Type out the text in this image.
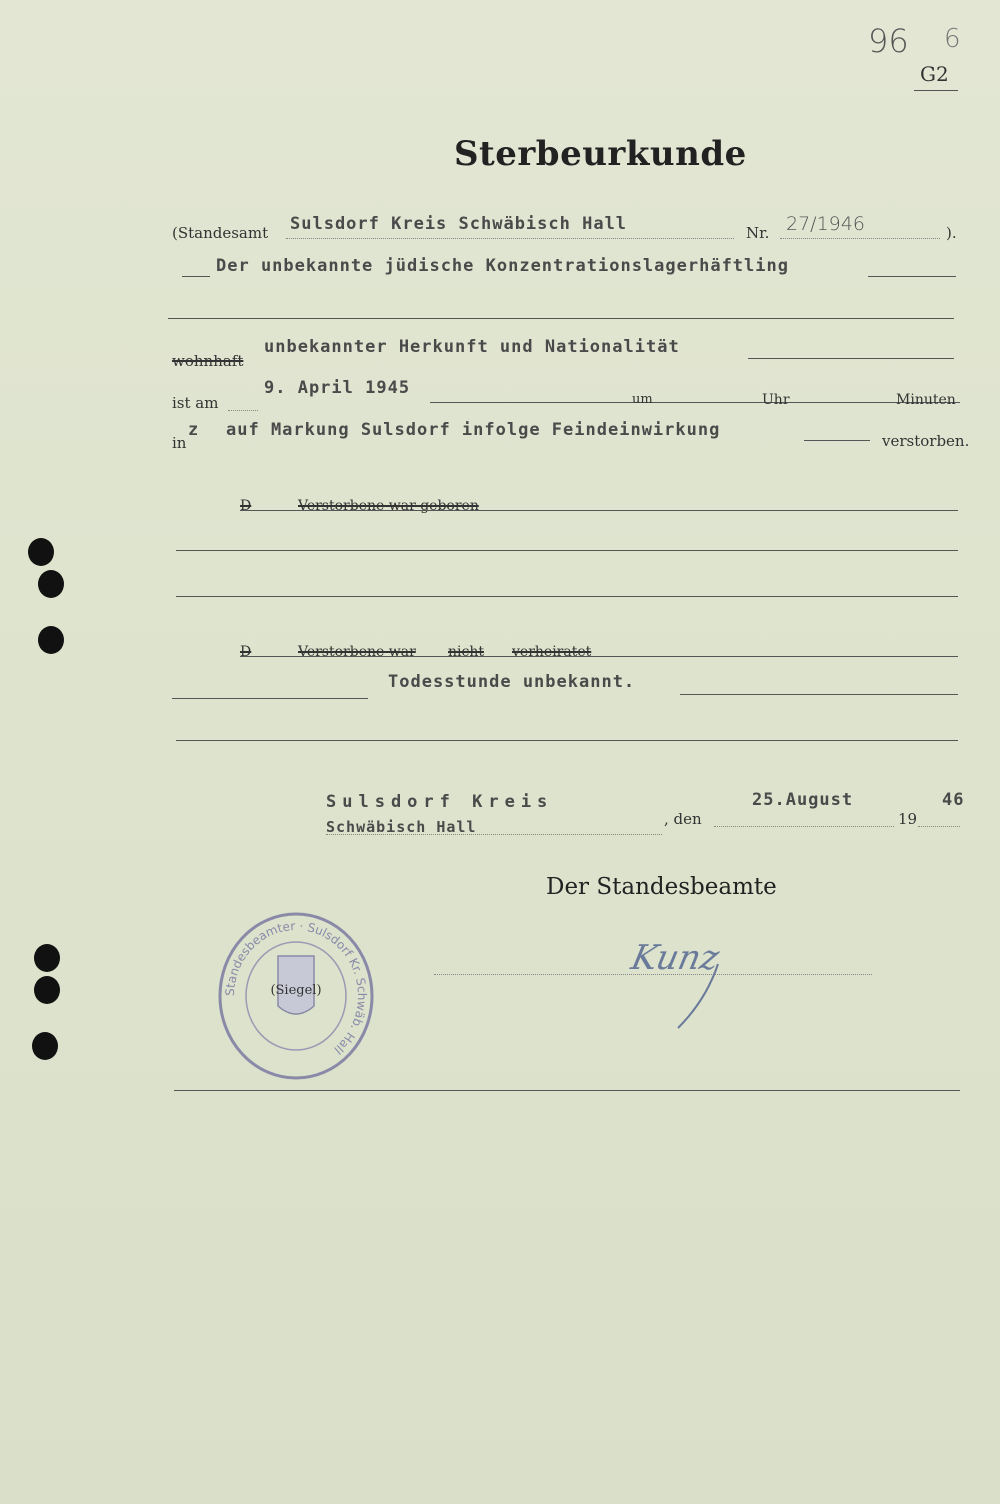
96 6
G2
Sterbeurkunde
(Standesamt Sulsdorf Kreis Schwäbisch Hall	Nr. 27/1946	).
Der unbekannte jüdische Konzentrationslagerhäftling
wohnhaft
unbekannter Herkunft und Nationalität
ist am
9. April 1945
um	Uhr	Minuten
in
z auf Markung Sulsdorf infolge Feindeinwirkung
verstorben.
D	Verstorbene war geboren
D	Verstorbene war nicht verheiratet
Todesstunde unbekannt.
Sulsdorf Kreis
Schwäbisch Hall	, den
25.August
19
46
Der Standesbeamte
Standesbeamter · Sulsdorf Kr. Schwäb. Hall
(Siegel)
Kunz
